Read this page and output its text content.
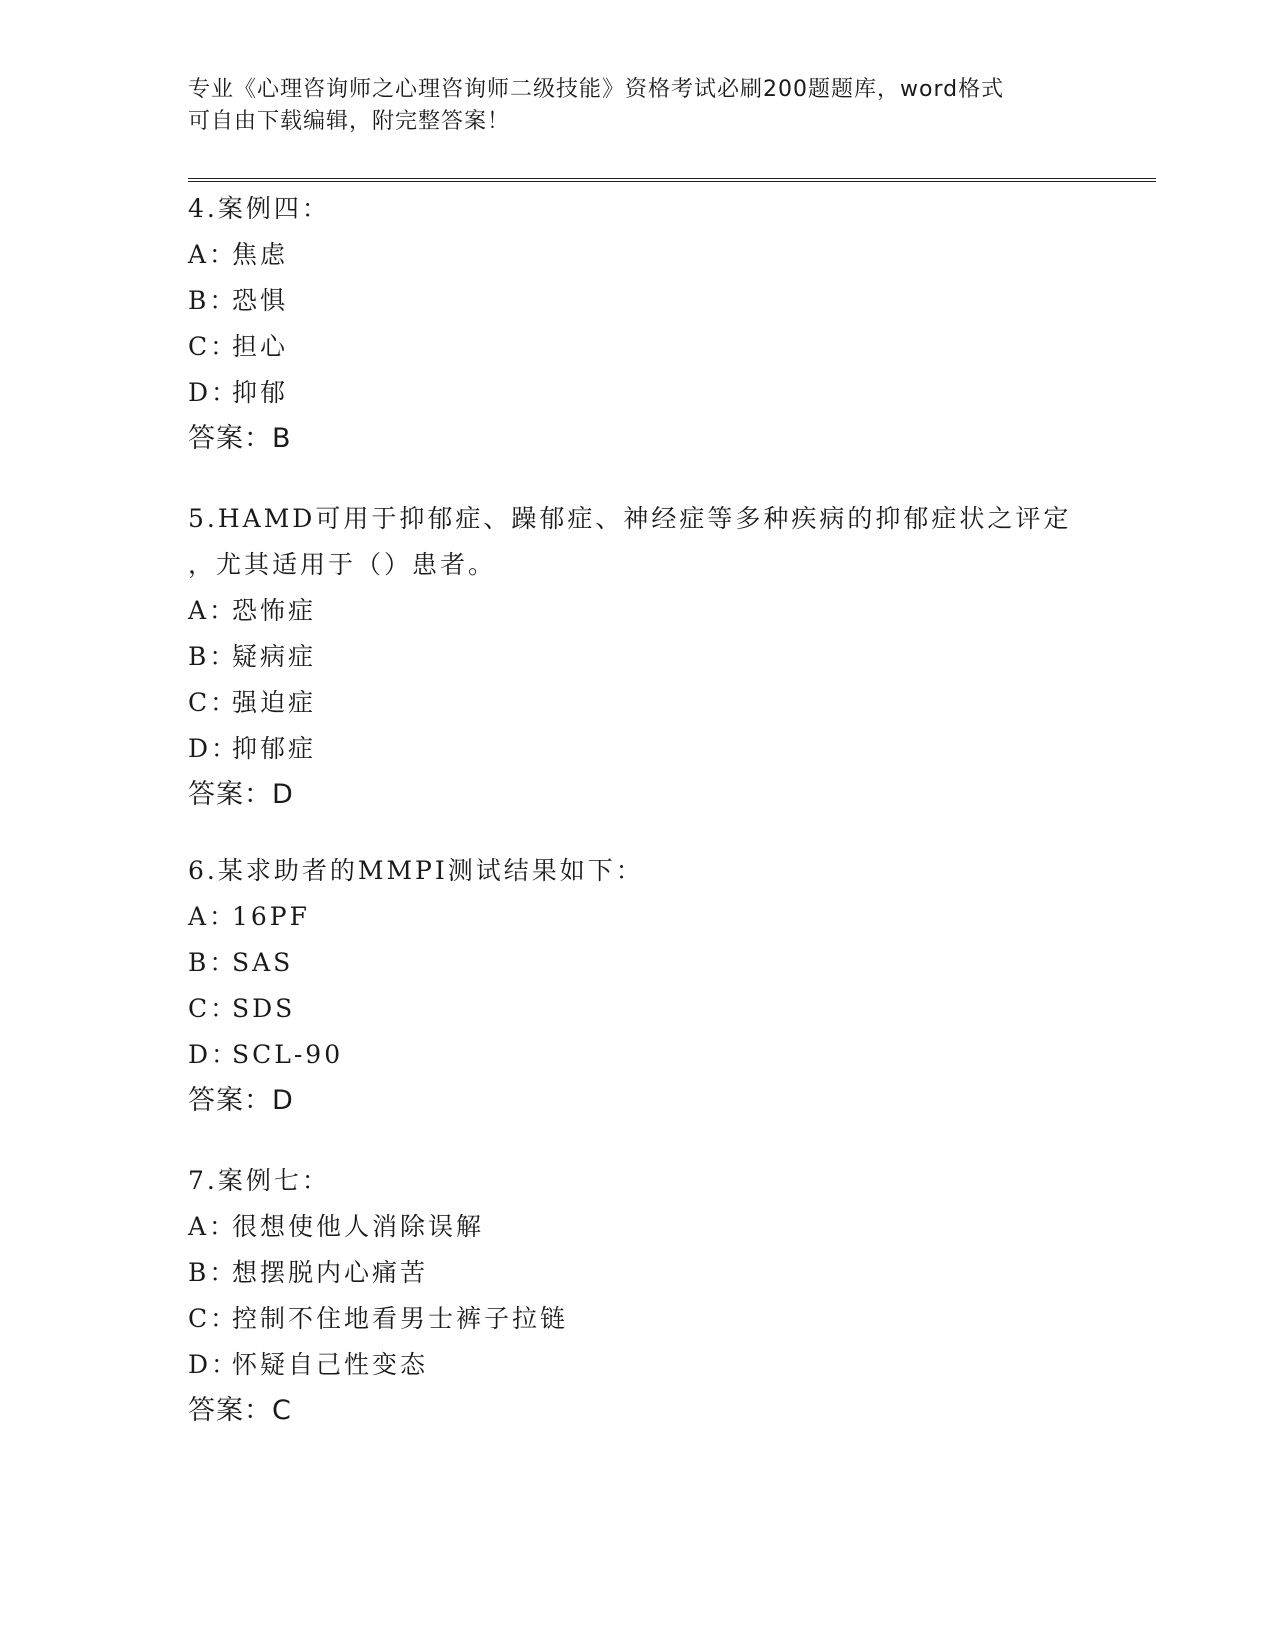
专业《心理咨询师之心理咨询师二级技能》资格考试必刷200题题库，word格式
可自由下载编辑，附完整答案！
4.案例四：
A：焦虑
B：恐惧
C：担心
D：抑郁
答案：B
5.HAMD可用于抑郁症、躁郁症、神经症等多种疾病的抑郁症状之评定
，尤其适用于（）患者。
A：恐怖症
B：疑病症
C：强迫症
D：抑郁症
答案：D
6.某求助者的MMPI测试结果如下：
A：16PF
B：SAS
C：SDS
D：SCL-90
答案：D
7.案例七：
A：很想使他人消除误解
B：想摆脱内心痛苦
C：控制不住地看男士裤子拉链
D：怀疑自己性变态
答案：C
